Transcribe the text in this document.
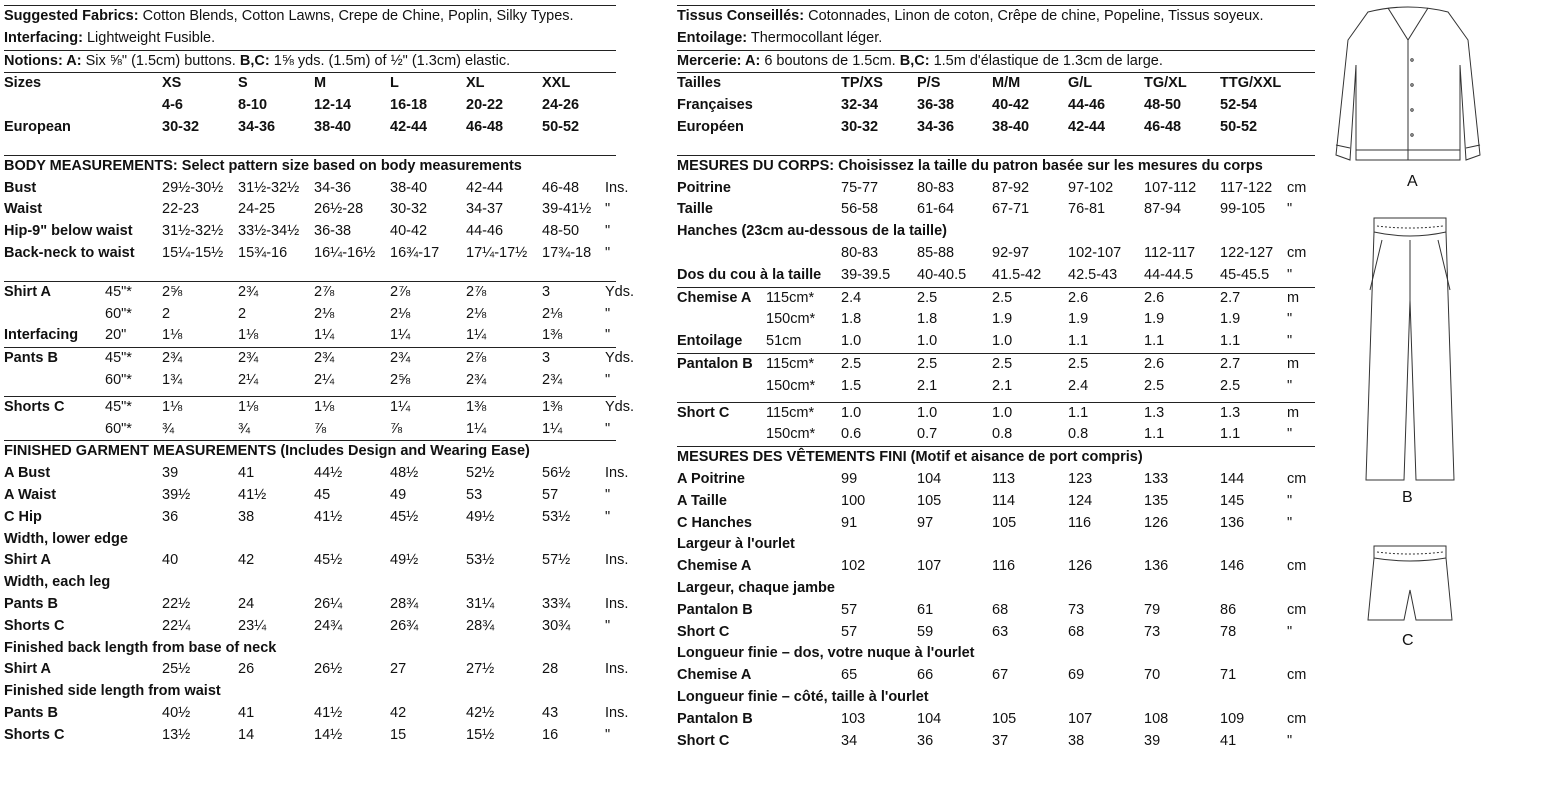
Suggested Fabrics: Cotton Blends, Cotton Lawns, Crepe de Chine, Poplin, Silky Types.
Interfacing: Lightweight Fusible.
Notions: A: Six ⅝" (1.5cm) buttons. B,C: 1⅝ yds. (1.5m) of ½" (1.3cm) elastic.
Sizes	XS	S	M	L	XL	XXL
4-6	8-10	12-14	16-18	20-22	24-26
European	30-32	34-36	38-40	42-44	46-48	50-52
BODY MEASUREMENTS: Select pattern size based on body measurements
Bust	29½-30½ 31½-32½ 34-36	38-40	42-44	46-48 Ins.
Waist	22-23	24-25	26½-28 30-32	34-37	39-41½ "
Hip-9" below waist 31½-32½ 33½-34½ 36-38	40-42	44-46	48-50 "
Back-neck to waist 15¼-15½ 15¾-16 16¼-16½ 16¾-17 17¼-17½ 17¾-18 "
Shirt A	45"* 2⅝	2¾	2⅞	2⅞	2⅞	3	Yds.
60"* 2	2	2⅛	2⅛	2⅛	2⅛	"
Interfacing 20" 1⅛	1⅛	1¼	1¼	1¼	1⅜	"
Pants B	45"* 2¾	2¾	2¾	2¾	2⅞	3	Yds.
60"* 1¾	2¼	2¼	2⅝	2¾	2¾	"
Shorts C	45"* 1⅛	1⅛	1⅛	1¼	1⅜	1⅜	Yds.
60"* ¾	¾	⅞	⅞	1¼	1¼	"
FINISHED GARMENT MEASUREMENTS (Includes Design and Wearing Ease)
A Bust	39	41	44½	48½	52½	56½ Ins.
A Waist	39½	41½	45	49	53	57	"
C Hip	36	38	41½	45½	49½	53½ "
Width, lower edge
Shirt A	40	42	45½	49½	53½	57½ Ins.
Width, each leg
Pants B	22½	24	26¼	28¾	31¼	33¾ Ins.
Shorts C	22¼	23¼	24¾	26¾	28¾	30¾ "
Finished back length from base of neck
Shirt A	25½	26	26½	27	27½	28	Ins.
Finished side length from waist
Pants B	40½	41	41½	42	42½	43	Ins.
Shorts C	13½	14	14½	15	15½	16	"
Tissus Conseillés: Cotonnades, Linon de coton, Crêpe de chine, Popeline, Tissus soyeux.
Entoilage: Thermocollant léger.
Mercerie: A: 6 boutons de 1.5cm. B,C: 1.5m d'élastique de 1.3cm de large.
Tailles	TP/XS P/S	M/M	G/L	TG/XL TTG/XXL
Françaises	32-34	36-38	40-42	44-46	48-50	52-54
Européen	30-32	34-36	38-40	42-44	46-48	50-52
MESURES DU CORPS: Choisissez la taille du patron basée sur les mesures du corps
Poitrine	75-77	80-83	87-92	97-102 107-112 117-122 cm
Taille	56-58	61-64	67-71	76-81	87-94	99-105 "
Hanches (23cm au-dessous de la taille)
80-83	85-88	92-97	102-107 112-117 122-127 cm
Dos du cou à la taille 39-39.5 40-40.5 41.5-42 42.5-43 44-44.5 45-45.5 "
Chemise A 115cm* 2.4	2.5	2.5	2.6	2.6	2.7	m
150cm* 1.8	1.8	1.9	1.9	1.9	1.9	"
Entoilage 51cm	1.0	1.0	1.0	1.1	1.1	1.1	"
Pantalon B 115cm* 2.5	2.5	2.5	2.5	2.6	2.7	m
150cm* 1.5	2.1	2.1	2.4	2.5	2.5	"
Short C	115cm* 1.0	1.0	1.0	1.1	1.3	1.3	m
150cm* 0.6	0.7	0.8	0.8	1.1	1.1	"
MESURES DES VÊTEMENTS FINI (Motif et aisance de port compris)
A Poitrine	99	104	113	123	133	144	cm
A Taille	100	105	114	124	135	145	"
C Hanches	91	97	105	116	126	136	"
Largeur à l'ourlet
Chemise A	102	107	116	126	136	146	cm
Largeur, chaque jambe
Pantalon B	57	61	68	73	79	86	cm
Short C	57	59	63	68	73	78	"
Longueur finie – dos, votre nuque à l'ourlet
Chemise A	65	66	67	69	70	71	cm
Longueur finie – côté, taille à l'ourlet
Pantalon B	103	104	105	107	108	109	cm
Short C	34	36	37	38	39	41	"
A
B
C
